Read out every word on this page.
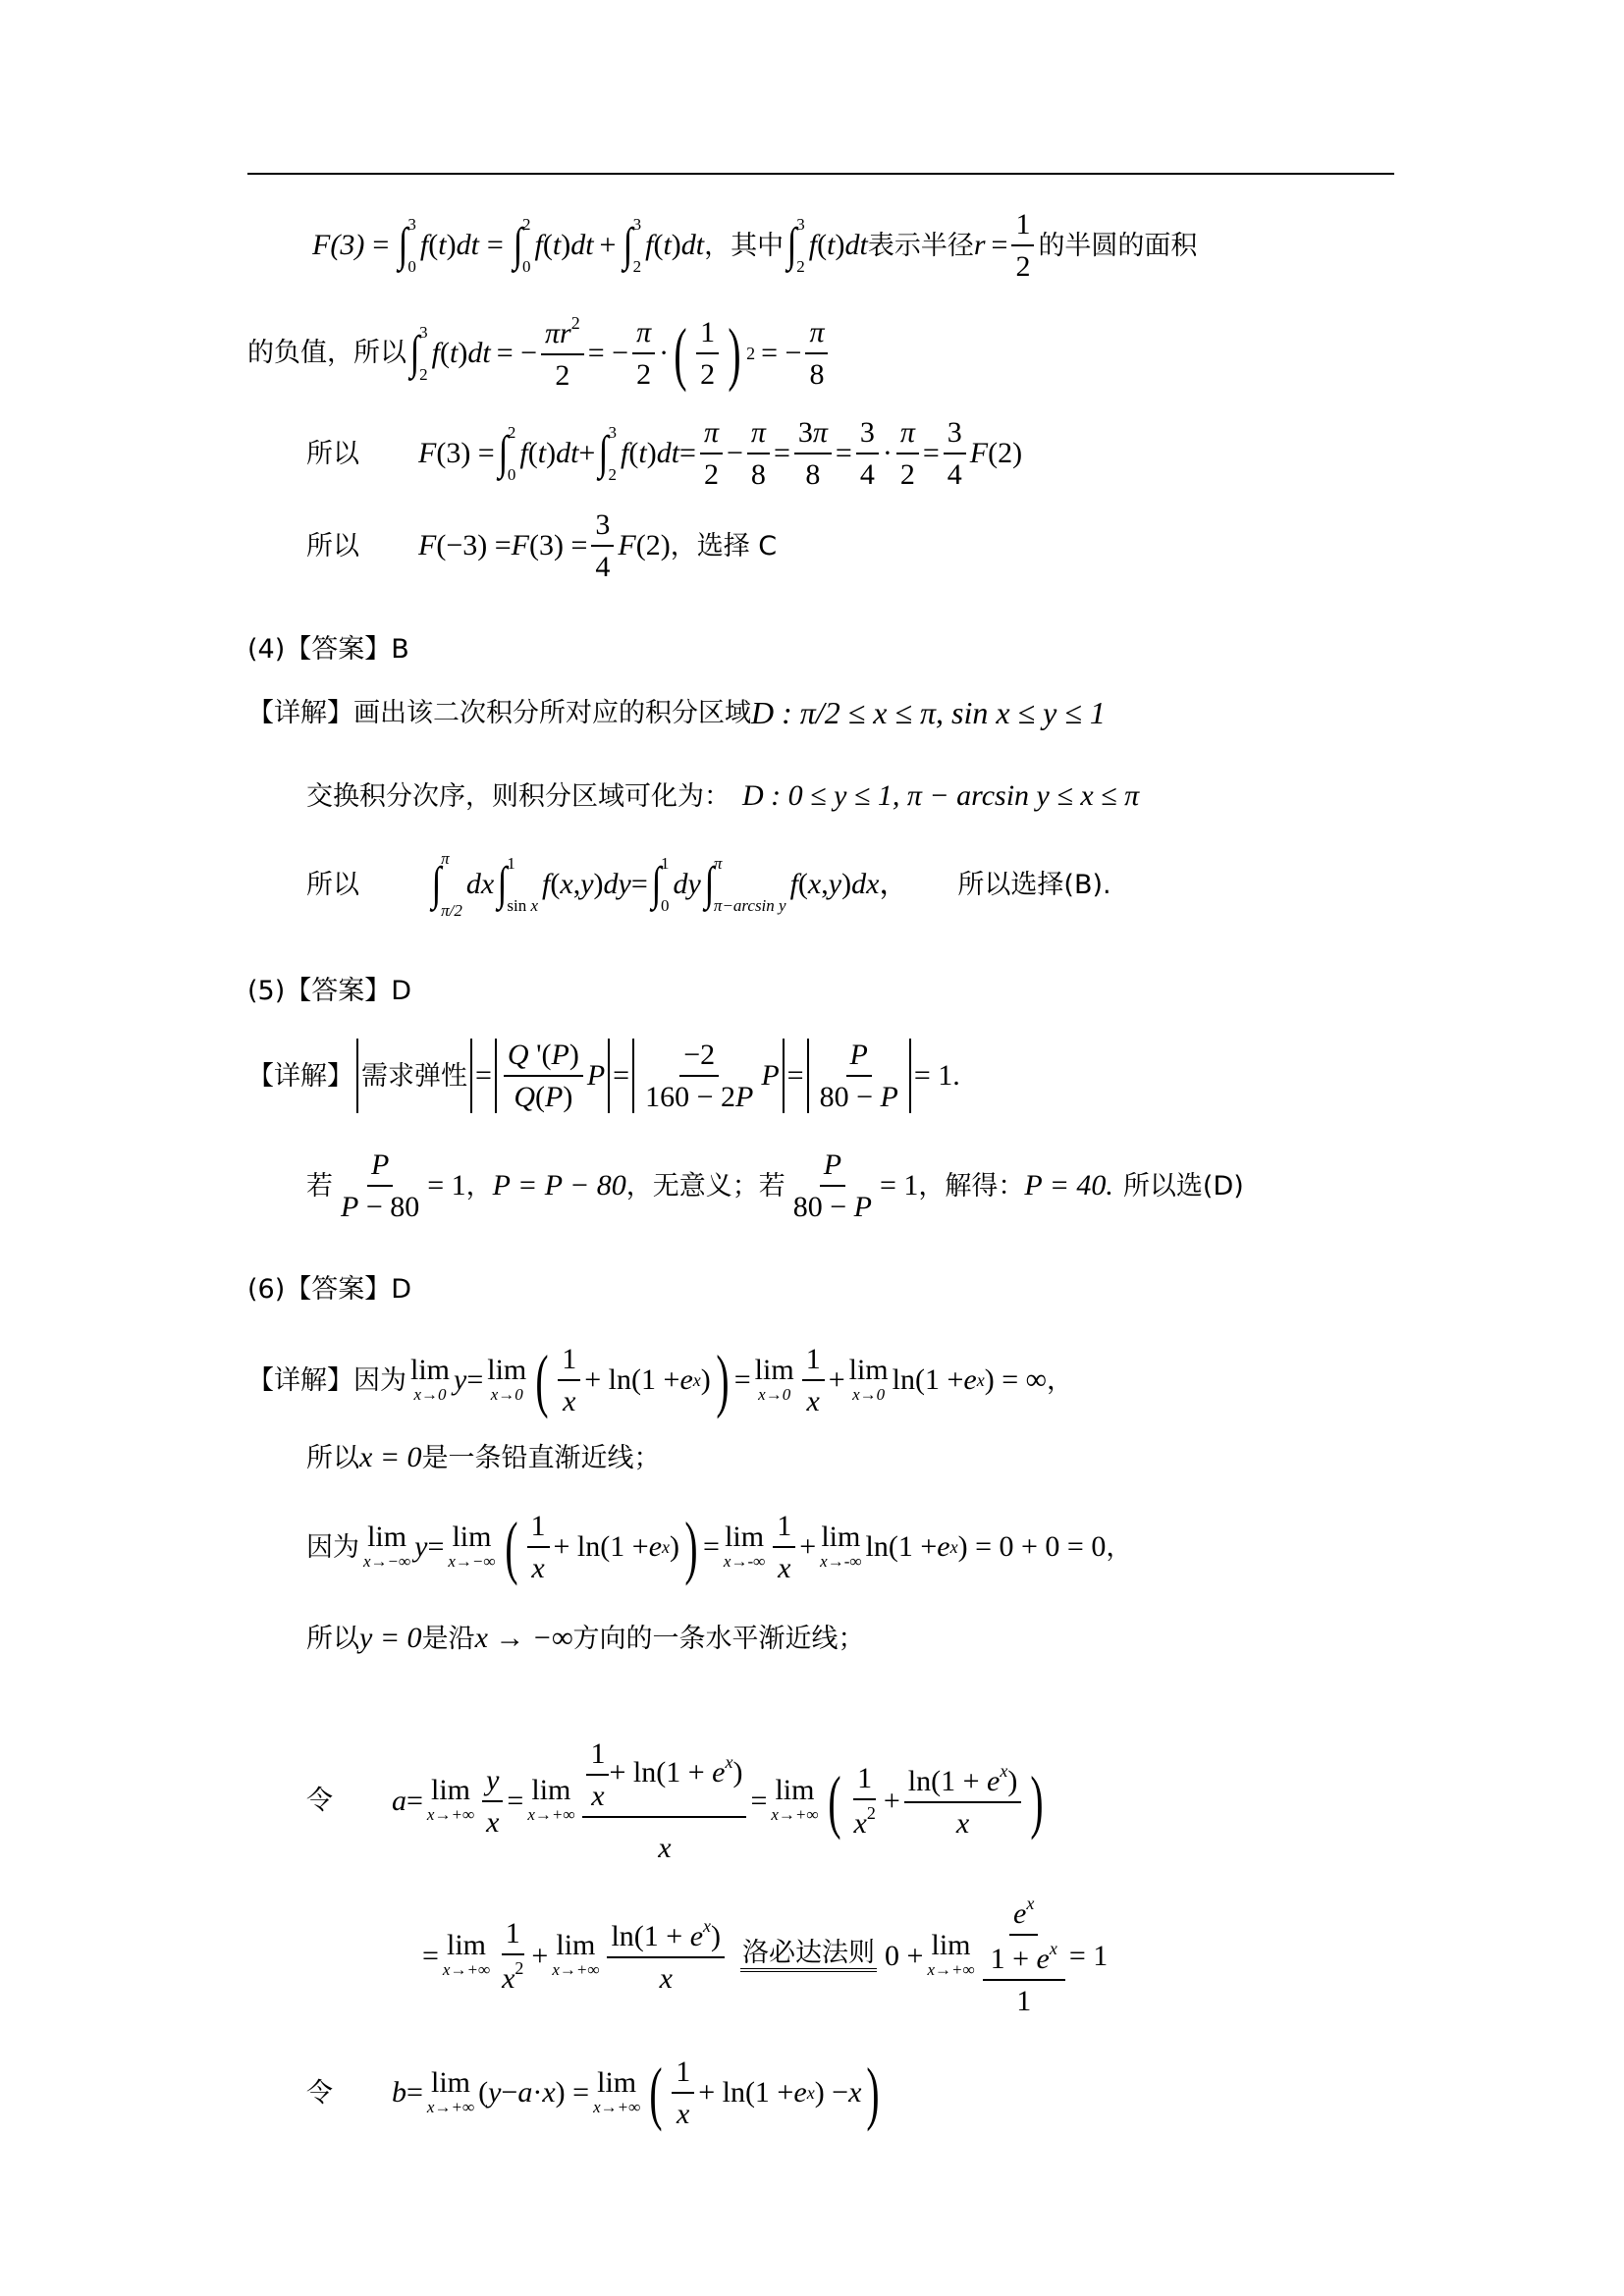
F(3) = ∫ 3
0
f ( t ) dt = ∫ 2
0
f ( t ) dt + ∫ 3
2
f ( t ) dt ，其中 ∫ 3
2
f ( t ) dt 表示半径 $r = \frac{1}{2}$ 的半圆的面积
的负值，所以 ∫ 3
2
f ( t ) dt = − $\frac{\pi r^2}{2}$ = − $\frac{\pi}{2}$ · ( $\frac{1}{2}$ ) 2 = − $\frac{\pi}{8}$
所以 F (3) = ∫ 2
0
f ( t ) dt + ∫ 3
2
f ( t ) dt = $\frac{\pi}{2} - \frac{\pi}{8} = \frac{3\pi}{8} = \frac{3}{4} \cdot \frac{\pi}{2} = \frac{3}{4}$ F (2)
所以 F (−3) = F $(3) = \frac{3}{4}$ F (2) ，选择 C
(4)【答案】B
【详解】画出该二次积分所对应的积分区域 D : π/2 ≤ x ≤ π, sin x ≤ y ≤ 1
交换积分次序，则积分区域可化为： D : 0 ≤ y ≤ 1, π − arcsin y ≤ x ≤ π
所以 ∫ π
π/2
dx ∫ 1
sin x
f ( x , y ) dy = ∫ 1
0
dy ∫ π
π−arcsin y
f ( x , y ) dx ， 所以选择(B).
(5)【答案】D
【详解】 需求弹性 = $\frac{Q '(P)}{Q(P)}$ $P = \frac{-2}{160 - 2P}$ $P = \frac{P}{80 - P} = 1$.
若 $\frac{P}{P - 80} = 1$ ， P = P − 80 ，无意义；若 $\frac{P}{80 - P} = 1$ ，解得： P = 40. 所以选(D)
(6)【答案】D
【详解】因为 lim
x→0 y = lim
x→0 ( $\frac{1}{x} + \ln(1 + e$ x ) ) = lim
$x\to 0 \frac{1}{x} + \lim$
x→0 ln(1 + e x ) = ∞ ，
所以 x = 0 是一条铅直渐近线；
因为 lim
x→−∞ y = lim
x→−∞ ( $\frac{1}{x} + \ln(1 + e$ x ) ) = lim
$x\to-\infty \frac{1}{x} + \lim$
x→-∞ ln(1 + e x ) = 0 + 0 = 0 ，
所以 y = 0 是沿 x → −∞ 方向的一条水平渐近线；
令 a = lim
$x\to+\infty \frac{y}{x} = \lim$
$x\to+\infty \frac{\frac{1}{x} + \ln(1 + e^x)}{x} = \lim$
x→+∞ ( $\frac{1}{x^2} + \frac{\ln(1 + e^x)}{x}$ )
= lim
$x\to+\infty \frac{1}{x^2} + \lim$
$x\to+\infty \frac{\ln(1 + e^x)}{x}$ 洛必达法则 0 + lim
$x\to+\infty \frac{\frac{e^x}{1 + e^x}}{1} = 1$
令 b = lim
x→+∞ ( y − a · x ) = lim
x→+∞ ( $\frac{1}{x} + \ln(1 + e$ x ) − x )
